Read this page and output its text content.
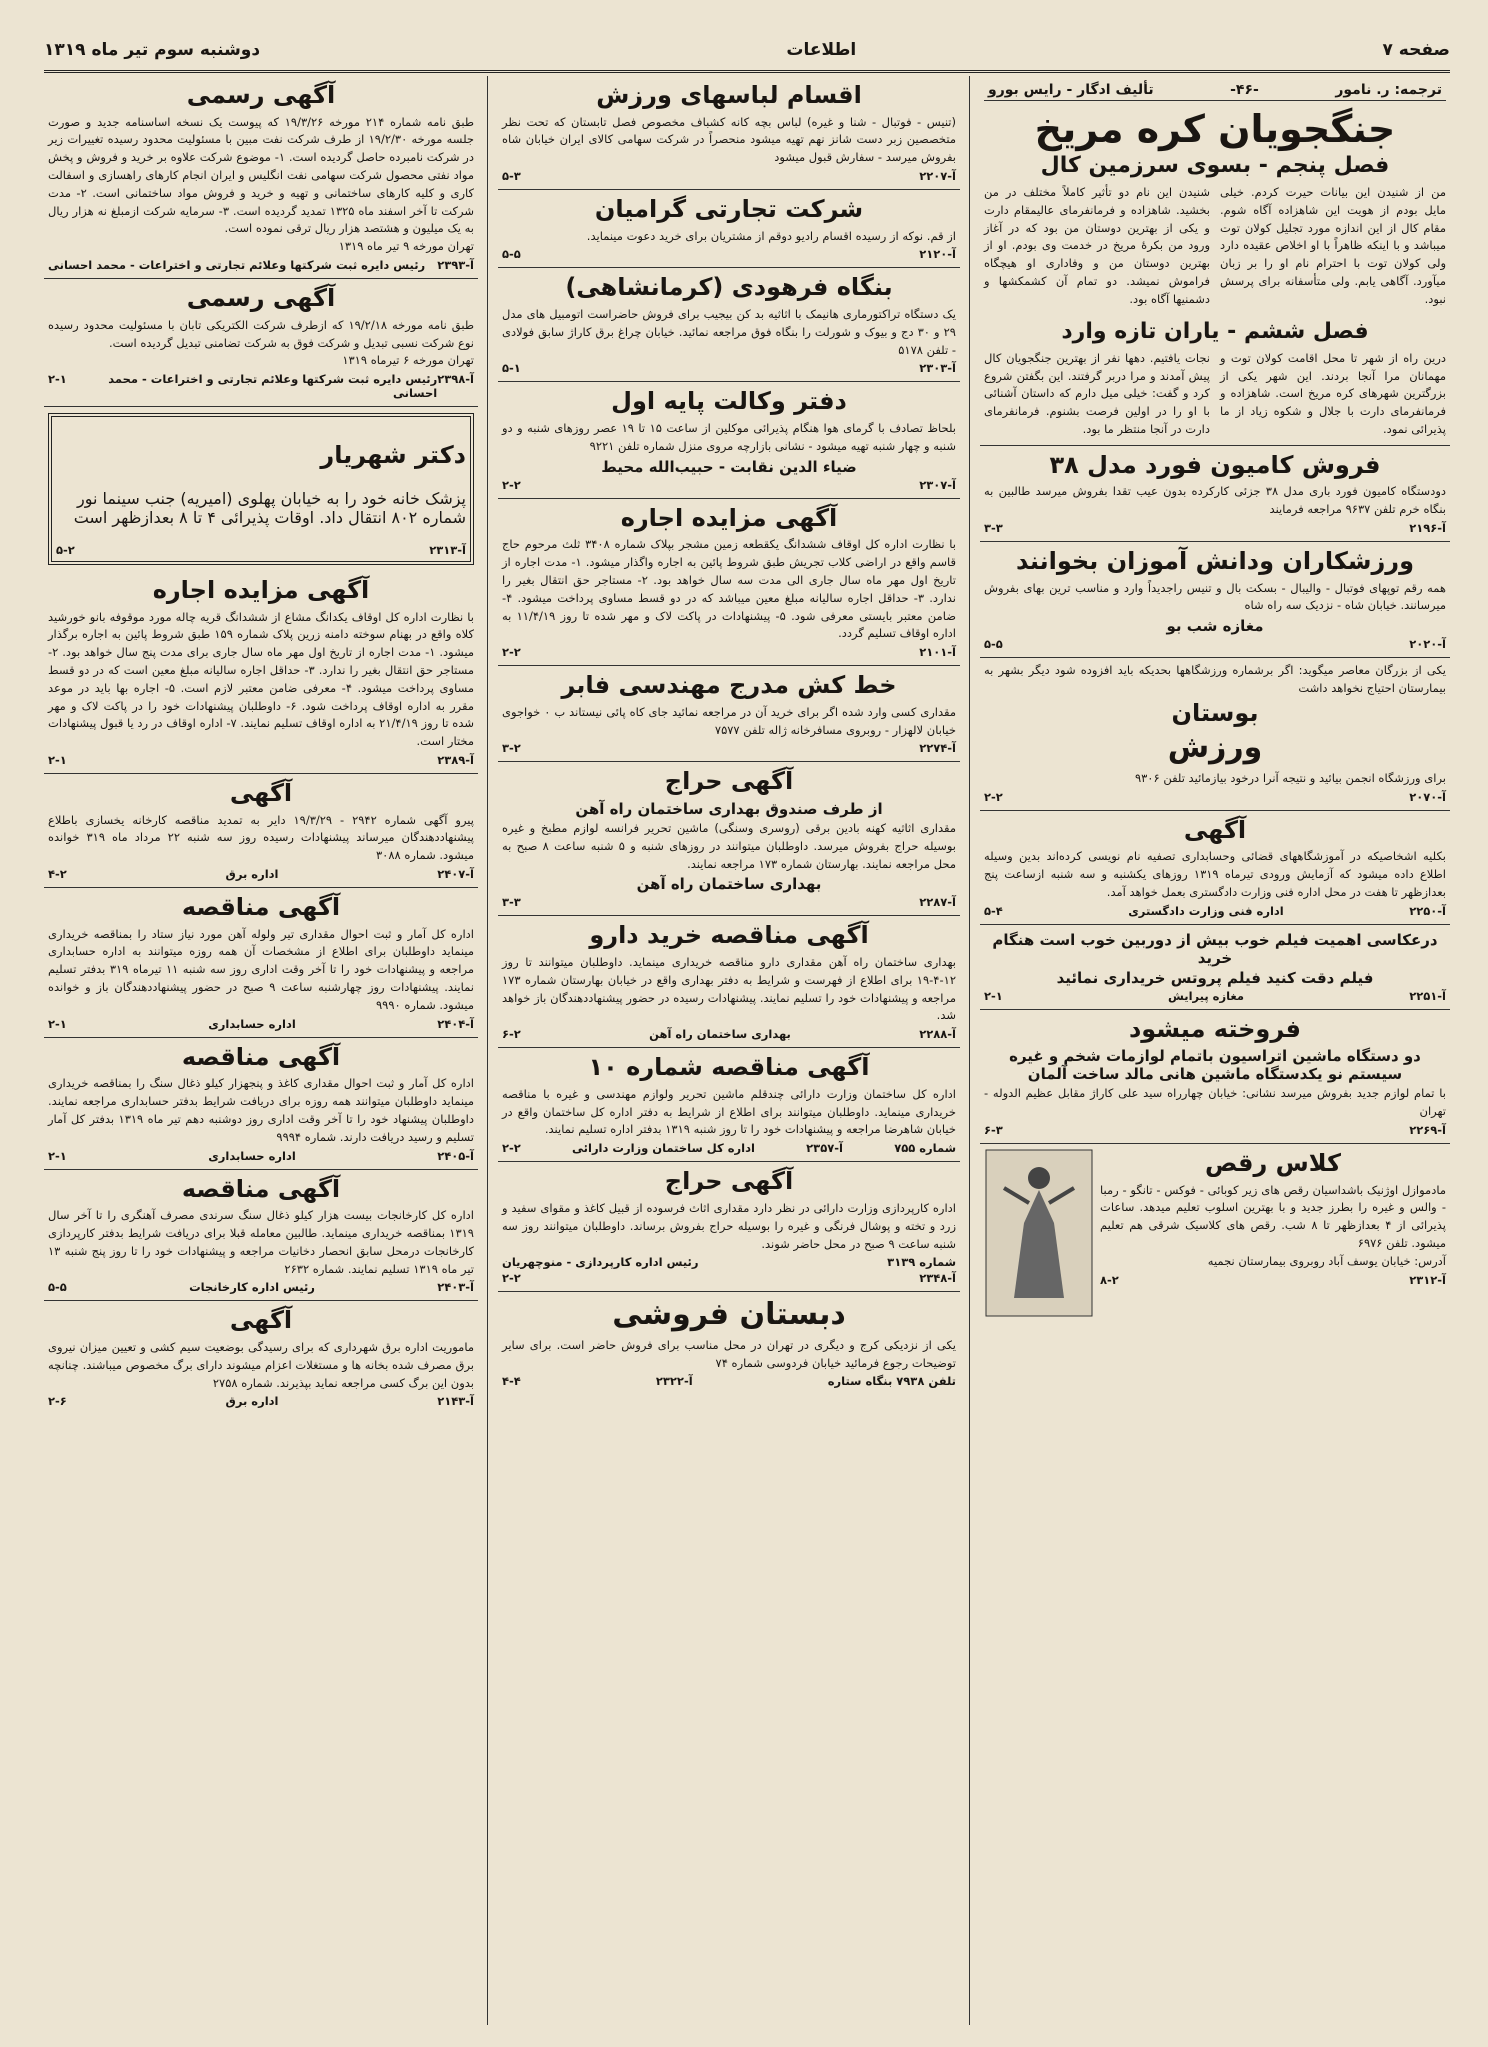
صفحه ۷
اطلاعات
دوشنبه سوم تیر ماه ۱۳۱۹
ترجمه: ر. نامور
-۴۶-
تألیف ادگار - رایس بورو
جنگجویان کره مریخ
فصل پنجم - بسوی سرزمین کال

من از شنیدن این بیانات حیرت کردم. خیلی مایل بودم از هویت این شاهزاده آگاه شوم. مقام کال از این اندازه مورد تجلیل کولان توت میباشد و با اینکه ظاهراً با او اخلاص عقیده دارد ولی کولان توت با احترام نام او را بر زبان میآورد. آگاهی یابم. ولی متأسفانه برای پرسش نبود.

شنیدن این نام دو تأثیر کاملاً مختلف در من بخشید. شاهزاده و فرمانفرمای عالیمقام دارت و یکی از بهترین دوستان من بود که در آغاز ورود من بکرهٔ مریخ در خدمت وی بودم. او از بهترین دوستان من و وفاداری او هیچگاه فراموش نمیشد. دو تمام آن کشمکشها و دشمنیها آگاه بود.

فصل ششم - یاران تازه وارد

درین راه از شهر تا محل اقامت کولان توت و مهمانان مرا آنجا بردند. این شهر یکی از بزرگترین شهرهای کره مریخ است. شاهزاده و فرمانفرمای دارت با جلال و شکوه زیاد از ما پذیرائی نمود.

نجات یافتیم. دهها نفر از بهترین جنگجویان کال پیش آمدند و مرا دربر گرفتند. این بگفتن شروع کرد و گفت: خیلی میل دارم که داستان آشنائی با او را در اولین فرصت بشنوم. فرمانفرمای دارت در آنجا منتظر ما بود.

فروش کامیون فورد مدل ۳۸

دودستگاه کامیون فورد باری مدل ۳۸ جزئی کارکرده بدون عیب تقدا بفروش میرسد طالبین به بنگاه خرم تلفن ۹۶۳۷ مراجعه فرمایند

آ-۲۱۹۶
۳-۳
ورزشکاران ودانش آموزان بخوانند

همه رقم توپهای فوتبال - والیبال - بسکت بال و تنیس راجدیداً وارد و مناسب ترین بهای بفروش میرسانند. خیابان شاه - نزدیک سه راه شاه

مغازه شب بو
آ-۲۰۲۰
۵-۵

یکی از بزرگان معاصر میگوید: اگر برشماره ورزشگاهها بحدیکه باید افزوده شود دیگر بشهر به بیمارستان احتیاج نخواهد داشت

بوستان
ورزش

برای ورزشگاه انجمن بیائید و نتیجه آنرا درخود بیازمائید تلفن ۹۳۰۶

آ-۲۰۷۰
۲-۲
آگهی

بکلیه اشخاصیکه در آموزشگاههای قضائی وحسابداری تصفیه نام نویسی کرده‌اند بدین وسیله اطلاع داده میشود که آزمایش ورودی تیرماه ۱۳۱۹ روزهای یکشنبه و سه شنبه ازساعت پنج بعدازظهر تا هفت در محل اداره فنی وزارت دادگستری بعمل خواهد آمد.

آ-۲۲۵۰
اداره فنی وزارت دادگستری
۵-۴
درعکاسی اهمیت فیلم خوب بیش از دوربین خوب است هنگام خرید
فیلم دقت کنید فیلم پروتس خریداری نمائید
آ-۲۲۵۱
مغازه پیرایش
۲-۱
فروخته میشود
دو دستگاه ماشین اتراسیون باتمام لوازمات شخم و غیره سیستم نو یکدستگاه ماشین هانی مالد ساخت آلمان

با تمام لوازم جدید بفروش میرسد نشانی: خیابان چهارراه سید علی کاراژ مقابل عظیم الدوله - تهران

آ-۲۲۶۹
۶-۳
کلاس رقص

مادموازل اوژنیک باشداسیان رقص های زیر کوبائی - فوکس - تانگو - رمبا - والس و غیره را بطرز جدید و با بهترین اسلوب تعلیم میدهد. ساعات پذیرائی از ۴ بعدازظهر تا ۸ شب. رقص های کلاسیک شرقی هم تعلیم میشود. تلفن ۶۹۷۶

آدرس: خیابان یوسف آباد روبروی بیمارستان نجمیه

آ-۲۳۱۲
۸-۲
اقسام لباسهای ورزش

(تنیس - فوتبال - شنا و غیره) لباس بچه کانه کشباف مخصوص فصل تابستان که تحت نظر متخصصین زبر دست شانز نهم تهیه میشود منحصراً در شرکت سهامی کالای ایران خیابان شاه بفروش میرسد - سفارش قبول میشود

آ-۲۲۰۷
۵-۳
شرکت تجارتی گرامیان

از قم. نوکه از رسیده اقسام رادیو دوقم از مشتریان برای خرید دعوت مینماید.

آ-۲۱۲۰
۵-۵
بنگاه فرهودی (کرمانشاهی)

یک دستگاه تراکتورماری هانیمک با اثاثیه بد کن بیجیب برای فروش حاضراست اتومبیل های مدل ۲۹ و ۳۰ دج و بیوک و شورلت را بنگاه فوق مراجعه نمائید. خیابان چراغ برق کاراژ سابق فولادی - تلفن ۵۱۷۸

آ-۲۳۰۳
۵-۱
دفتر وکالت پایه اول

بلحاظ تصادف با گرمای هوا هنگام پذیرائی موکلین از ساعت ۱۵ تا ۱۹ عصر روزهای شنبه و دو شنبه و چهار شنبه تهیه میشود - نشانی بازارچه مروی منزل شماره تلفن ۹۲۲۱

ضیاء الدین نقابت - حبیب‌الله محیط
آ-۲۳۰۷
۲-۲
آگهی مزایده اجاره

با نظارت اداره کل اوقاف ششدانگ یکقطعه زمین مشجر بپلاک شماره ۳۴۰۸ ثلث مرحوم حاج قاسم واقع در اراضی کلاب تجریش طبق شروط پائین به اجاره واگذار میشود. ۱- مدت اجاره از تاریخ اول مهر ماه سال جاری الی مدت سه سال خواهد بود. ۲- مستاجر حق انتقال بغیر را ندارد. ۳- حداقل اجاره سالیانه مبلغ معین میباشد که در دو قسط مساوی پرداخت میشود. ۴- ضامن معتبر بایستی معرفی شود. ۵- پیشنهادات در پاکت لاک و مهر شده تا روز ۱۱/۴/۱۹ به اداره اوقاف تسلیم گردد.

آ-۲۱۰۱
۲-۲
خط کش مدرج مهندسی فابر

مقداری کسی وارد شده اگر برای خرید آن در مراجعه نمائید جای کاه پائی نیستاند ب ۰ خواجوی خیابان لالهزار - روبروی مسافرخانه ژاله تلفن ۷۵۷۷

آ-۲۲۷۴
۳-۲
آگهی حراج
از طرف صندوق بهداری ساختمان راه آهن

مقداری اثاثیه کهنه بادین برقی (روسری وسنگی) ماشین تحریر فرانسه لوازم مطبخ و غیره بوسیله حراج بفروش میرسد. داوطلبان میتوانند در روزهای شنبه و ۵ شنبه ساعت ۸ صبح به محل مراجعه نمایند. بهارستان شماره ۱۷۳ مراجعه نمایند.

بهداری ساختمان راه آهن
آ-۲۲۸۷
۳-۳
آگهی مناقصه خرید دارو

بهداری ساختمان راه آهن مقداری دارو مناقصه خریداری مینماید. داوطلبان میتوانند تا روز ۱۲-۴-۱۹ برای اطلاع از فهرست و شرایط به دفتر بهداری واقع در خیابان بهارستان شماره ۱۷۳ مراجعه و پیشنهادات خود را تسلیم نمایند. پیشنهادات رسیده در حضور پیشنهاددهندگان باز خواهد شد.

آ-۲۲۸۸
بهداری ساختمان راه آهن
۶-۲
آگهی مناقصه شماره ۱۰

اداره کل ساختمان وزارت دارائی چندقلم ماشین تحریر ولوازم مهندسی و غیره با مناقصه خریداری مینماید. داوطلبان میتوانند برای اطلاع از شرایط به دفتر اداره کل ساختمان واقع در خیابان شاهرضا مراجعه و پیشنهادات خود را تا روز شنبه ۱۳۱۹ بدفتر اداره تسلیم نمایند.

شماره ۷۵۵
آ-۲۳۵۷
اداره کل ساختمان وزارت دارائی
۲-۲
آگهی حراج

اداره کارپردازی وزارت دارائی در نظر دارد مقداری اثاث فرسوده از قبیل کاغذ و مقوای سفید و زرد و تخته و پوشال فرنگی و غیره را بوسیله حراج بفروش برساند. داوطلبان میتوانند روز سه شنبه ساعت ۹ صبح در محل حاضر شوند.

شماره ۳۱۳۹
رئیس اداره کارپردازی - منوچهریان
آ-۲۳۴۸
۲-۲
دبستان فروشی

یکی از نزدیکی کرج و دیگری در تهران در محل مناسب برای فروش حاضر است. برای سایر توضیحات رجوع فرمائید خیابان فردوسی شماره ۷۴

تلفن ۷۹۳۸ بنگاه ستاره
آ-۲۳۲۲
۴-۴
آگهی رسمی

طبق نامه شماره ۲۱۴ مورخه ۱۹/۳/۲۶ که پیوست یک نسخه اساسنامه جدید و صورت جلسه مورخه ۱۹/۲/۳۰ از طرف شرکت نفت مبین با مسئولیت محدود رسیده تغییرات زیر در شرکت نامبرده حاصل گردیده است. ۱- موضوع شرکت علاوه بر خرید و فروش و پخش مواد نفتی محصول شرکت سهامی نفت انگلیس و ایران انجام کارهای راهسازی و اسفالت کاری و کلیه کارهای ساختمانی و تهیه و خرید و فروش مواد ساختمانی است. ۲- مدت شرکت تا آخر اسفند ماه ۱۳۲۵ تمدید گردیده است. ۳- سرمایه شرکت ازمبلغ نه هزار ریال به یک میلیون و هشتصد هزار ریال ترقی نموده است.

تهران مورخه ۹ تیر ماه ۱۳۱۹

آ-۲۳۹۳
رئیس دایره ثبت شرکتها وعلائم تجارتی و اختراعات - محمد احسانی
آگهی رسمی

طبق نامه مورخه ۱۹/۲/۱۸ که ازطرف شرکت الکتریکی تابان با مسئولیت محدود رسیده نوع شرکت نسبی تبدیل و شرکت فوق به شرکت تضامنی تبدیل گردیده است.

تهران مورخه ۶ تیرماه ۱۳۱۹

آ-۲۳۹۸
رئیس دایره ثبت شرکتها وعلائم تجارتی و اختراعات - محمد احسانی
۲-۱
دکتر شهریار

پزشک خانه خود را به خیابان پهلوی (امیریه) جنب سینما نور شماره ۸۰۲ انتقال داد. اوقات پذیرائی ۴ تا ۸ بعدازظهر است

آ-۲۳۱۳
۵-۲
آگهی مزایده اجاره

با نظارت اداره کل اوقاف یکدانگ مشاع از ششدانگ قریه چاله مورد موقوفه بانو خورشید کلاه واقع در بهنام سوخته دامنه زرین پلاک شماره ۱۵۹ طبق شروط پائین به اجاره برگذار میشود. ۱- مدت اجاره از تاریخ اول مهر ماه سال جاری برای مدت پنج سال خواهد بود. ۲- مستاجر حق انتقال بغیر را ندارد. ۳- حداقل اجاره سالیانه مبلغ معین است که در دو قسط مساوی پرداخت میشود. ۴- معرفی ضامن معتبر لازم است. ۵- اجاره بها باید در موعد مقرر به اداره اوقاف پرداخت شود. ۶- داوطلبان پیشنهادات خود را در پاکت لاک و مهر شده تا روز ۲۱/۴/۱۹ به اداره اوقاف تسلیم نمایند. ۷- اداره اوقاف در رد یا قبول پیشنهادات مختار است.

آ-۲۳۸۹
۲-۱
آگهی

پیرو آگهی شماره ۲۹۴۲ - ۱۹/۳/۲۹ دایر به تمدید مناقصه کارخانه یخسازی باطلاع پیشنهاددهندگان میرساند پیشنهادات رسیده روز سه شنبه ۲۲ مرداد ماه ۳۱۹ خوانده میشود. شماره ۳۰۸۸

آ-۲۴۰۷
اداره برق
۴-۲
آگهی مناقصه

اداره کل آمار و ثبت احوال مقداری تیر ولوله آهن مورد نیاز ستاد را بمناقصه خریداری مینماید داوطلبان برای اطلاع از مشخصات آن همه روزه میتوانند به اداره حسابداری مراجعه و پیشنهادات خود را تا آخر وقت اداری روز سه شنبه ۱۱ تیرماه ۳۱۹ بدفتر تسلیم نمایند. پیشنهادات روز چهارشنبه ساعت ۹ صبح در حضور پیشنهاددهندگان باز و خوانده میشود. شماره ۹۹۹۰

آ-۲۴۰۴
اداره حسابداری
۲-۱
آگهی مناقصه

اداره کل آمار و ثبت احوال مقداری کاغذ و پنجهزار کیلو ذغال سنگ را بمناقصه خریداری مینماید داوطلبان میتوانند همه روزه برای دریافت شرایط بدفتر حسابداری مراجعه نمایند. داوطلبان پیشنهاد خود را تا آخر وقت اداری روز دوشنبه دهم تیر ماه ۱۳۱۹ بدفتر کل آمار تسلیم و رسید دریافت دارند. شماره ۹۹۹۴

آ-۲۴۰۵
اداره حسابداری
۲-۱
آگهی مناقصه

اداره کل کارخانجات بیست هزار کیلو ذغال سنگ سرندی مصرف آهنگری را تا آخر سال ۱۳۱۹ بمناقصه خریداری مینماید. طالبین معامله قبلا برای دریافت شرایط بدفتر کارپردازی کارخانجات درمحل سابق انحصار دخانیات مراجعه و پیشنهادات خود را تا روز پنج شنبه ۱۳ تیر ماه ۱۳۱۹ تسلیم نمایند. شماره ۲۶۳۲

آ-۲۴۰۳
رئیس اداره کارخانجات
۵-۵
آگهی

ماموریت اداره برق شهرداری که برای رسیدگی بوضعیت سیم کشی و تعیین میزان نیروی برق مصرف شده بخانه ها و مستغلات اعزام میشوند دارای برگ مخصوص میباشند. چنانچه بدون این برگ کسی مراجعه نماید بپذیرند. شماره ۲۷۵۸

آ-۲۱۴۳
اداره برق
۲-۶
